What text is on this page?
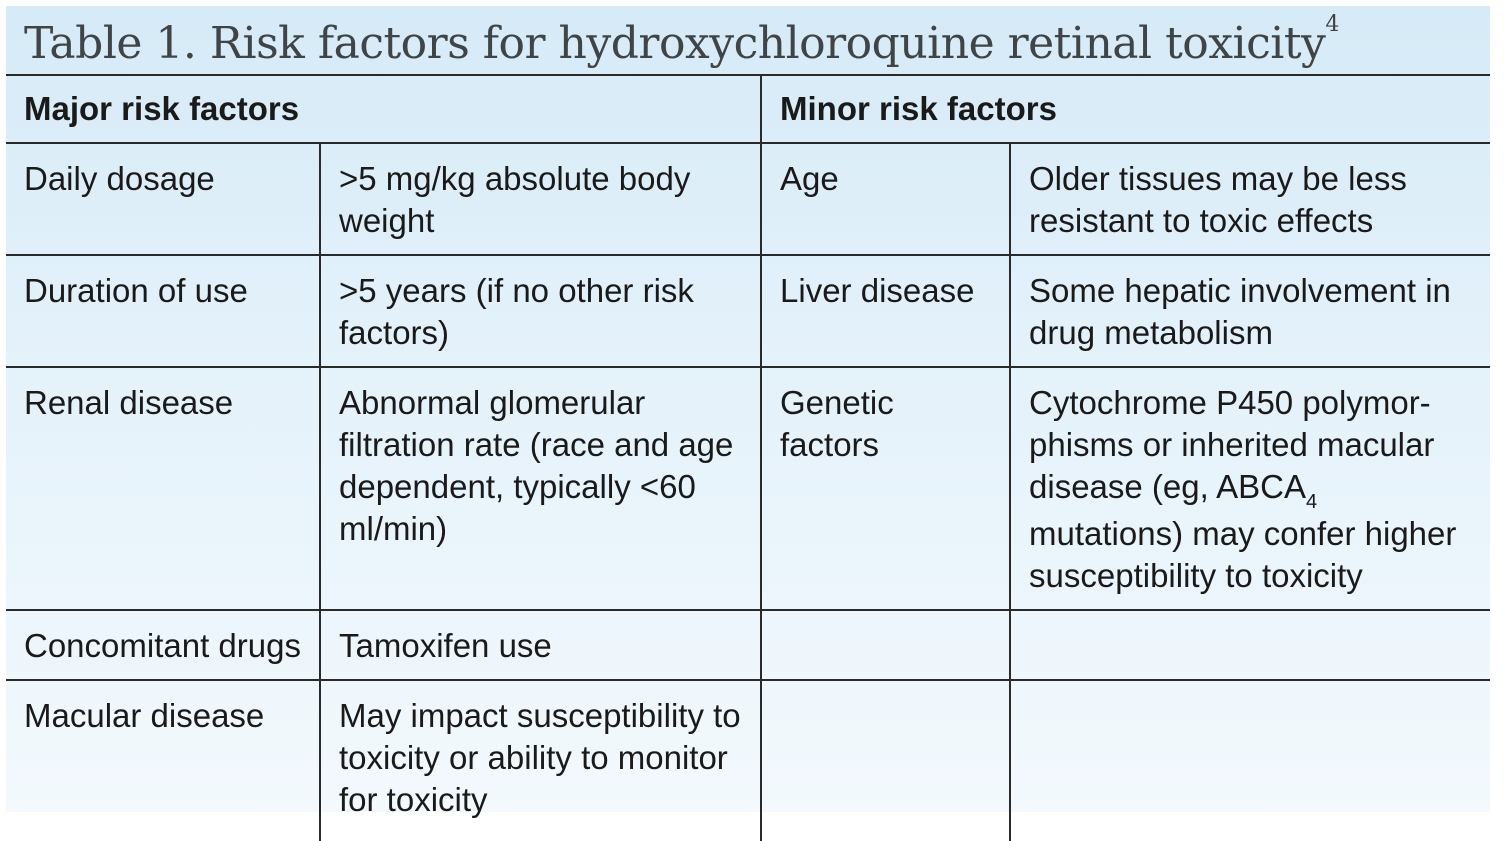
Table 1. Risk factors for hydroxychloroquine retinal toxicity$^4$
Major risk factors		Minor risk factors	
Daily dosage	>5 mg/kg absolute body weight	Age	Older tissues may be less resistant to toxic effects
Duration of use	>5 years (if no other risk factors)	Liver disease	Some hepatic involvement in drug metabolism
Renal disease	Abnormal glomerular filtration rate (race and age dependent, typically <60 ml/min)	Genetic factors	Cytochrome P450 polymor-phisms or inherited macular disease (eg, $ABCA_4$ mutations) may confer higher susceptibility to toxicity
Concomitant drugs	Tamoxifen use		
Macular disease	May impact susceptibility to toxicity or ability to monitor for toxicity		
